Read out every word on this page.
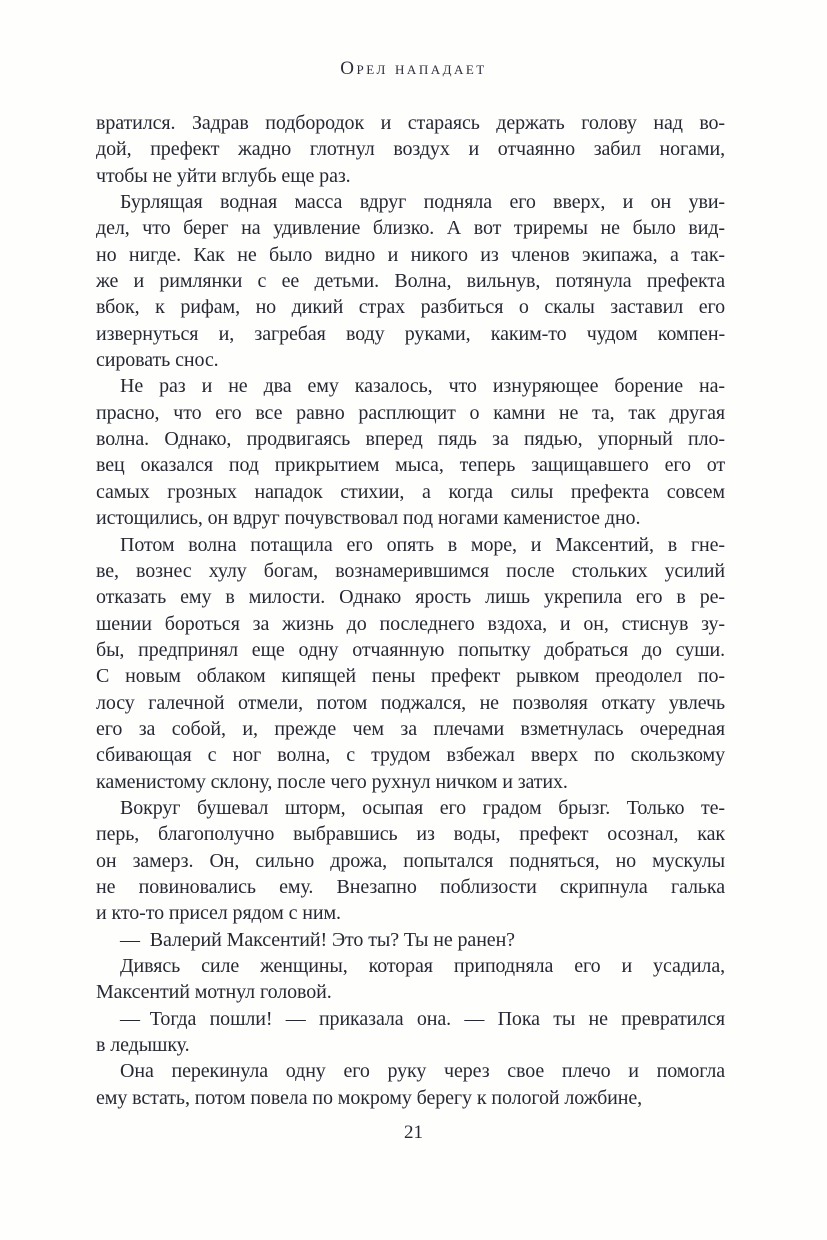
Орел нападает

вратился. Задрав подбородок и стараясь держать голову над во-
дой, префект жадно глотнул воздух и отчаянно забил ногами,
чтобы не уйти вглубь еще раз.

Бурлящая водная масса вдруг подняла его вверх, и он уви-
дел, что берег на удивление близко. А вот триремы не было вид-
но нигде. Как не было видно и никого из членов экипажа, а так-
же и римлянки с ее детьми. Волна, вильнув, потянула префекта
вбок, к рифам, но дикий страх разбиться о скалы заставил его
извернуться и, загребая воду руками, каким-то чудом компен-
сировать снос.

Не раз и не два ему казалось, что изнуряющее борение на-
прасно, что его все равно расплющит о камни не та, так другая
волна. Однако, продвигаясь вперед пядь за пядью, упорный пло-
вец оказался под прикрытием мыса, теперь защищавшего его от
самых грозных нападок стихии, а когда силы префекта совсем
истощились, он вдруг почувствовал под ногами каменистое дно.

Потом волна потащила его опять в море, и Максентий, в гне-
ве, вознес хулу богам, вознамерившимся после стольких усилий
отказать ему в милости. Однако ярость лишь укрепила его в ре-
шении бороться за жизнь до последнего вздоха, и он, стиснув зу-
бы, предпринял еще одну отчаянную попытку добраться до суши.
С новым облаком кипящей пены префект рывком преодолел по-
лосу галечной отмели, потом поджался, не позволяя откату увлечь
его за собой, и, прежде чем за плечами взметнулась очередная
сбивающая с ног волна, с трудом взбежал вверх по скользкому
каменистому склону, после чего рухнул ничком и затих.

Вокруг бушевал шторм, осыпая его градом брызг. Только те-
перь, благополучно выбравшись из воды, префект осознал, как
он замерз. Он, сильно дрожа, попытался подняться, но мускулы
не повиновались ему. Внезапно поблизости скрипнула галька
и кто-то присел рядом с ним.

— Валерий Максентий! Это ты? Ты не ранен?

Дивясь силе женщины, которая приподняла его и усадила,
Максентий мотнул головой.

— Тогда пошли! — приказала она. — Пока ты не превратился
в ледышку.

Она перекинула одну его руку через свое плечо и помогла
ему встать, потом повела по мокрому берегу к пологой ложбине,

21
